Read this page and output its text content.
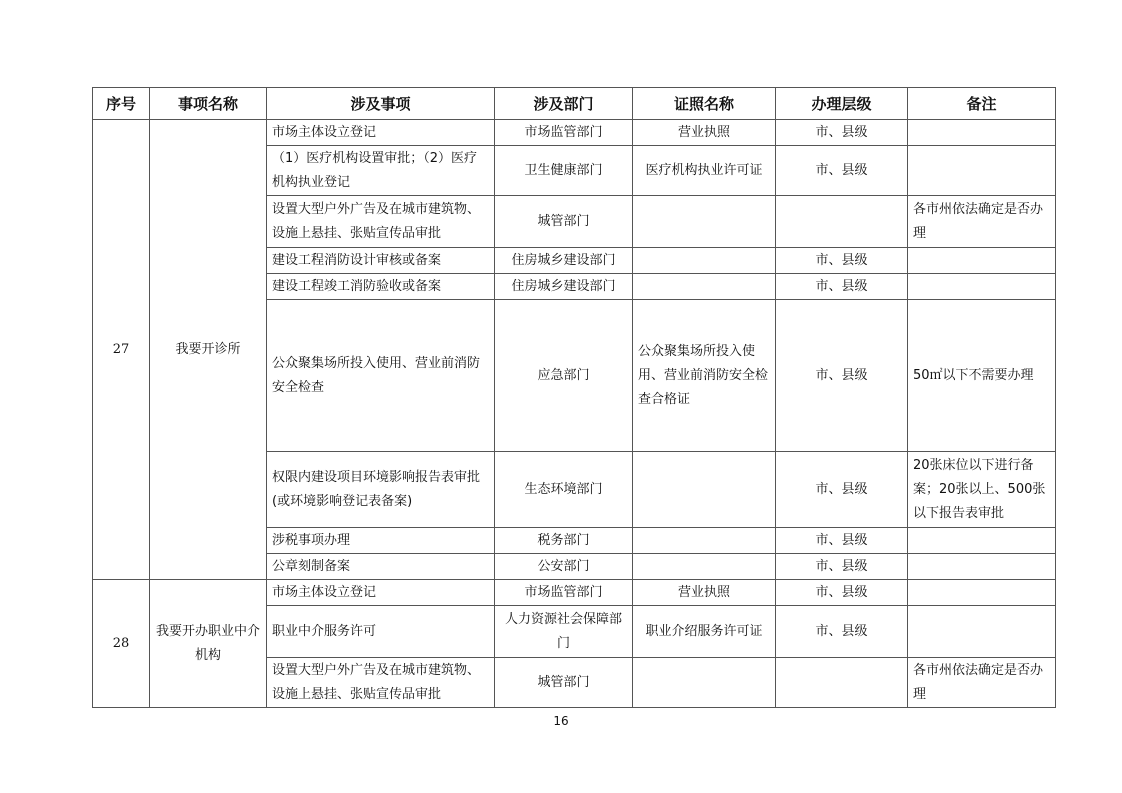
序号	事项名称	涉及事项	涉及部门	证照名称	办理层级	备注
27	我要开诊所	市场主体设立登记	市场监管部门	营业执照	市、县级	
		（1）医疗机构设置审批；（2）医疗机构执业登记	卫生健康部门	医疗机构执业许可证	市、县级	
		设置大型户外广告及在城市建筑物、设施上悬挂、张贴宣传品审批	城管部门			各市州依法确定是否办理
		建设工程消防设计审核或备案	住房城乡建设部门		市、县级	
		建设工程竣工消防验收或备案	住房城乡建设部门		市、县级	
		公众聚集场所投入使用、营业前消防安全检查	应急部门	公众聚集场所投入使用、营业前消防安全检查合格证	市、县级	50㎡以下不需要办理
		权限内建设项目环境影响报告表审批(或环境影响登记表备案)	生态环境部门		市、县级	20张床位以下进行备案；20张以上、500张以下报告表审批
		涉税事项办理	税务部门		市、县级	
		公章刻制备案	公安部门		市、县级	
28	我要开办职业中介机构	市场主体设立登记	市场监管部门	营业执照	市、县级	
		职业中介服务许可	人力资源社会保障部门	职业介绍服务许可证	市、县级	
		设置大型户外广告及在城市建筑物、设施上悬挂、张贴宣传品审批	城管部门			各市州依法确定是否办理
16
